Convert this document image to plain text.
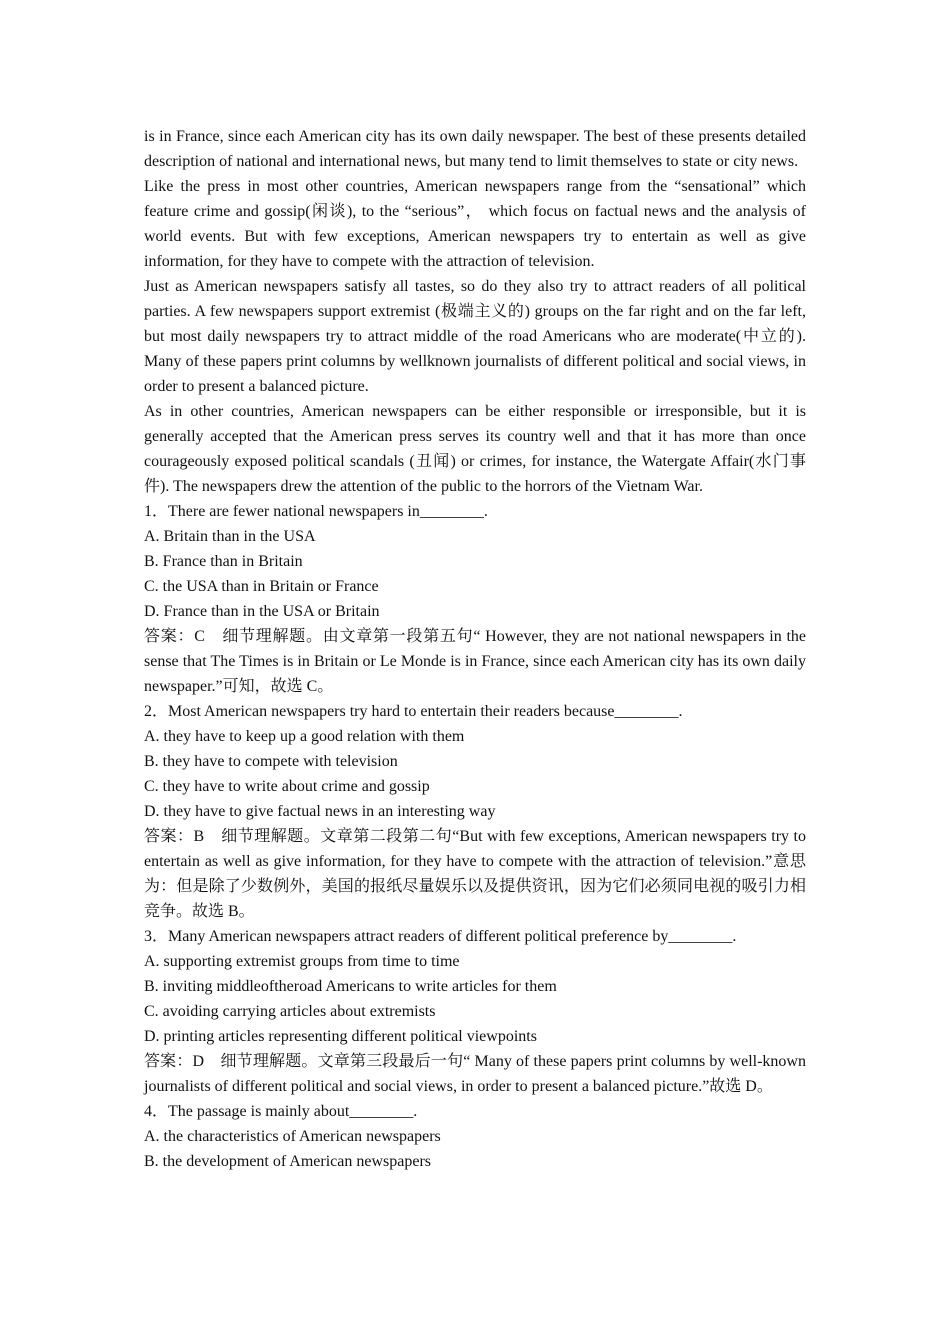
is in France, since each American city has its own daily newspaper. The best of these presents detailed description of national and international news, but many tend to limit themselves to state or city news.

Like the press in most other countries, American newspapers range from the “sensational” which feature crime and gossip(闲谈), to the “serious”， which focus on factual news and the analysis of world events. But with few exceptions, American newspapers try to entertain as well as give information, for they have to compete with the attraction of television.

Just as American newspapers satisfy all tastes, so do they also try to attract readers of all political parties. A few newspapers support extremist (极端主义的) groups on the far right and on the far left, but most daily newspapers try to attract middle of the road Americans who are moderate(中立的). Many of these papers print columns by wellknown journalists of different political and social views, in order to present a balanced picture.

As in other countries, American newspapers can be either responsible or irresponsible, but it is generally accepted that the American press serves its country well and that it has more than once courageously exposed political scandals (丑闻) or crimes, for instance, the Watergate Affair(水门事件). The newspapers drew the attention of the public to the horrors of the Vietnam War.

1．There are fewer national newspapers in________.

A. Britain than in the USA

B. France than in Britain

C. the USA than in Britain or France

D. France than in the USA or Britain

答案：C　细节理解题。由文章第一段第五句“ However, they are not national newspapers in the sense that The Times is in Britain or Le Monde is in France, since each American city has its own daily newspaper.”可知，故选 C。

2．Most American newspapers try hard to entertain their readers because________.

A. they have to keep up a good relation with them

B. they have to compete with television

C. they have to write about crime and gossip

D. they have to give factual news in an interesting way

答案：B　细节理解题。文章第二段第二句“But with few exceptions, American newspapers try to entertain as well as give information, for they have to compete with the attraction of television.”意思为：但是除了少数例外，美国的报纸尽量娱乐以及提供资讯，因为它们必须同电视的吸引力相竞争。故选 B。

3．Many American newspapers attract readers of different political preference by________.

A. supporting extremist groups from time to time

B. inviting middleoftheroad Americans to write articles for them

C. avoiding carrying articles about extremists

D. printing articles representing different political viewpoints

答案：D　细节理解题。文章第三段最后一句“ Many of these papers print columns by well-known journalists of different political and social views, in order to present a balanced picture.”故选 D。

4．The passage is mainly about________.

A. the characteristics of American newspapers

B. the development of American newspapers
